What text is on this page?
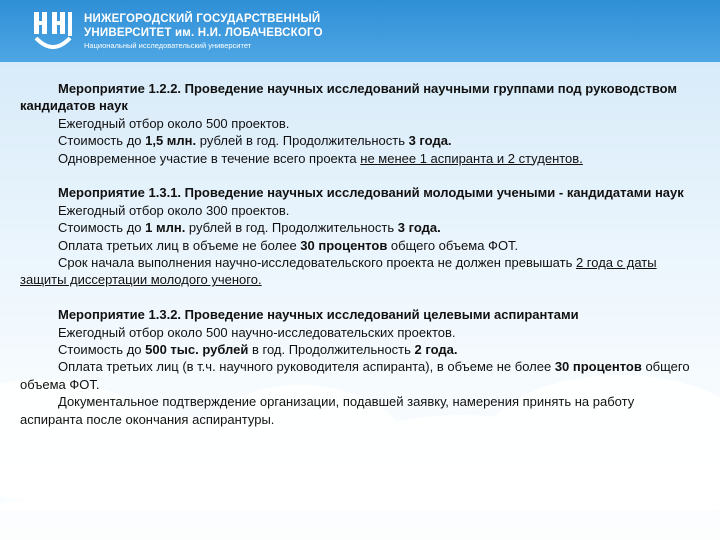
НИЖЕГОРОДСКИЙ ГОСУДАРСТВЕННЫЙ
УНИВЕРСИТЕТ им. Н.И. ЛОБАЧЕВСКОГО
Национальный исследовательский университет

Мероприятие 1.2.2. Проведение научных исследований научными группами под руководством кандидатов наук

Ежегодный отбор около 500 проектов.

Стоимость до 1,5 млн. рублей в год. Продолжительность 3 года.

Одновременное участие в течение всего проекта не менее 1 аспиранта и 2 студентов.

Мероприятие 1.3.1. Проведение научных исследований молодыми учеными - кандидатами наук

Ежегодный отбор около 300 проектов.

Стоимость до 1 млн. рублей в год. Продолжительность 3 года.

Оплата третьих лиц в объеме не более 30 процентов общего объема ФОТ.

Срок начала выполнения научно-исследовательского проекта не должен превышать 2 года с даты защиты диссертации молодого ученого.

Мероприятие 1.3.2. Проведение научных исследований целевыми аспирантами

Ежегодный отбор около 500 научно-исследовательских проектов.

Стоимость до 500 тыс. рублей в год. Продолжительность 2 года.

Оплата третьих лиц (в т.ч. научного руководителя аспиранта), в объеме не более 30 процентов общего объема ФОТ.

Документальное подтверждение организации, подавшей заявку, намерения принять на работу аспиранта после окончания аспирантуры.
